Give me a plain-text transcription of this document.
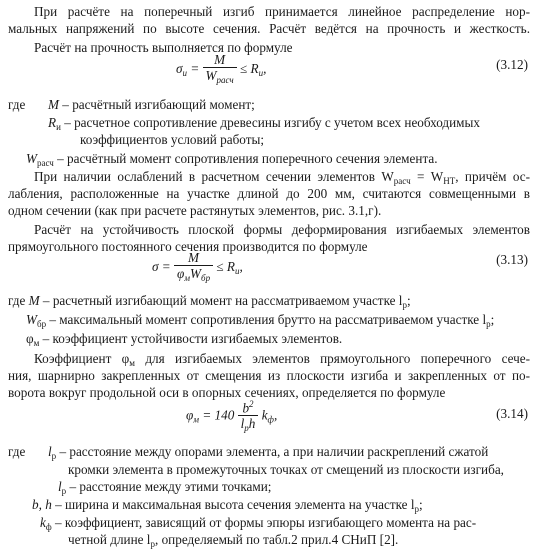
При расчёте на поперечный изгиб принимается линейное распределение нор-
мальных напряжений по высоте сечения. Расчёт ведётся на прочность и жесткость.
Расчёт на прочность выполняется по формуле
$\sigma_и = \frac{M}{W_{расч}} \le R_и$,	(3.12)
где M – расчётный изгибающий момент;
$R_и$ – расчетное сопротивление древесины изгибу с учетом всех необходимых
коэффициентов условий работы;
$W_{расч}$ – расчётный момент сопротивления поперечного сечения элемента.
При наличии ослаблений в расчетном сечении элементов $W_{расч} = W_{НТ}$, причём ос-
лабления, расположенные на участке длиной до 200 мм, считаются совмещенными в
одном сечении (как при расчете растянутых элементов, рис. 3.1,г).
Расчёт на устойчивость плоской формы деформирования изгибаемых элементов
прямоугольного постоянного сечения производится по формуле
$\sigma = \frac{M}{\varphi_мW_{бр}} \le R_и$,	(3.13)
где M – расчетный изгибающий момент на рассматриваемом участке $l_р$;
$W_{бр}$ – максимальный момент сопротивления брутто на рассматриваемом участке $l_р$;
$\varphi_м$ – коэффициент устойчивости изгибаемых элементов.
Коэффициент $\varphi_м$ для изгибаемых элементов прямоугольного поперечного сече-
ния, шарнирно закрепленных от смещения из плоскости изгиба и закрепленных от по-
ворота вокруг продольной оси в опорных сечениях, определяется по формуле
$\varphi_м = 140 \frac{b^2}{l_рh} k_ф$,	(3.14)
где $l_р$ – расстояние между опорами элемента, а при наличии раскреплений сжатой
кромки элемента в промежуточных точках от смещений из плоскости изгиба,
$l_р$ – расстояние между этими точками;
b, h – ширина и максимальная высота сечения элемента на участке $l_р$;
$k_ф$ – коэффициент, зависящий от формы эпюры изгибающего момента на рас-
четной длине $l_р$, определяемый по табл.2 прил.4 СНиП [2].
